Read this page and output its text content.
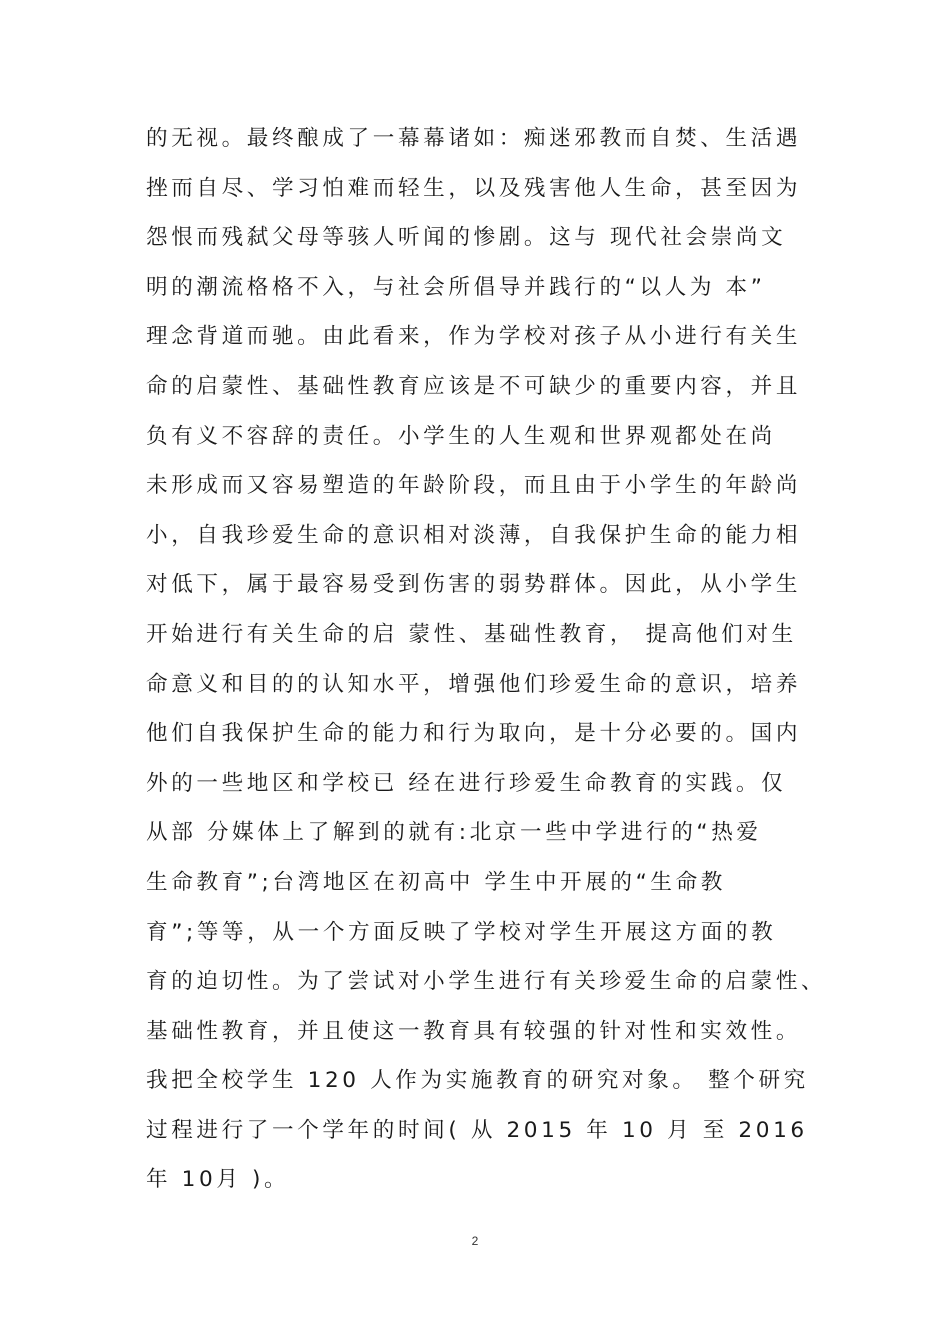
的无视。最终酿成了一幕幕诸如：痴迷邪教而自焚、生活遇
挫而自尽、学习怕难而轻生，以及残害他人生命，甚至因为
怨恨而残弑父母等骇人听闻的惨剧。这与 现代社会崇尚文
明的潮流格格不入，与社会所倡导并践行的“以人为 本”
理念背道而驰。由此看来，作为学校对孩子从小进行有关生
命的启蒙性、基础性教育应该是不可缺少的重要内容，并且
负有义不容辞的责任。小学生的人生观和世界观都处在尚
未形成而又容易塑造的年龄阶段，而且由于小学生的年龄尚
小，自我珍爱生命的意识相对淡薄，自我保护生命的能力相
对低下，属于最容易受到伤害的弱势群体。因此，从小学生
开始进行有关生命的启 蒙性、基础性教育， 提高他们对生
命意义和目的的认知水平，增强他们珍爱生命的意识，培养
他们自我保护生命的能力和行为取向，是十分必要的。国内
外的一些地区和学校已 经在进行珍爱生命教育的实践。仅
从部 分媒体上了解到的就有:北京一些中学进行的“热爱
生命教育”;台湾地区在初高中 学生中开展的“生命教
育”;等等，从一个方面反映了学校对学生开展这方面的教
育的迫切性。为了尝试对小学生进行有关珍爱生命的启蒙性、
基础性教育，并且使这一教育具有较强的针对性和实效性。
我把全校学生 120 人作为实施教育的研究对象。 整个研究
过程进行了一个学年的时间( 从 2015 年 10 月 至 2016
年 10月 )。
2
